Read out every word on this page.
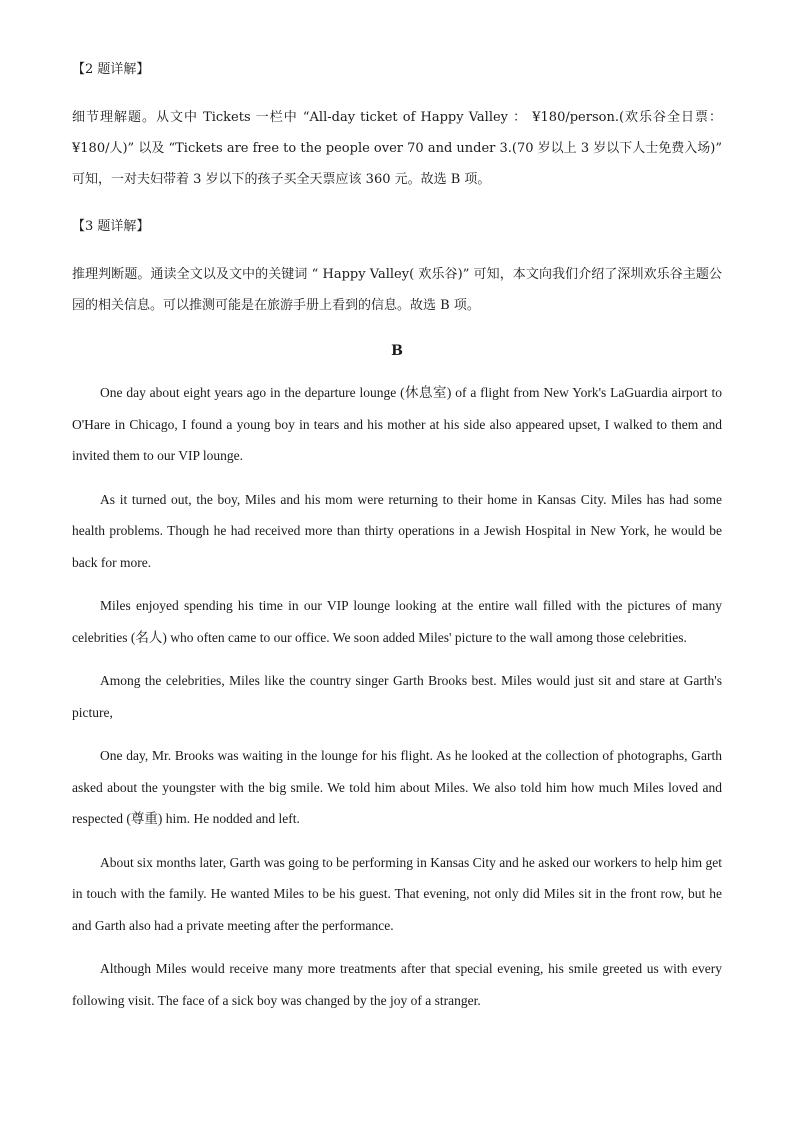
【2 题详解】

细节理解题。从文中 Tickets 一栏中 “All-day ticket of Happy Valley ： ¥180/person.(欢乐谷全日票：¥180/人)” 以及 “Tickets are free to the people over 70 and under 3.(70 岁以上 3 岁以下人士免费入场)” 可知，一对夫妇带着 3 岁以下的孩子买全天票应该 360 元。故选 B 项。

【3 题详解】

推理判断题。通读全文以及文中的关键词 “ Happy Valley( 欢乐谷)” 可知，本文向我们介绍了深圳欢乐谷主题公园的相关信息。可以推测可能是在旅游手册上看到的信息。故选 B 项。

B

One day about eight years ago in the departure lounge (休息室) of a flight from New York's LaGuardia airport to O'Hare in Chicago, I found a young boy in tears and his mother at his side also appeared upset, I walked to them and invited them to our VIP lounge.

As it turned out, the boy, Miles and his mom were returning to their home in Kansas City. Miles has had some health problems. Though he had received more than thirty operations in a Jewish Hospital in New York, he would be back for more.

Miles enjoyed spending his time in our VIP lounge looking at the entire wall filled with the pictures of many celebrities (名人) who often came to our office. We soon added Miles' picture to the wall among those celebrities.

Among the celebrities, Miles like the country singer Garth Brooks best. Miles would just sit and stare at Garth's picture,

One day, Mr. Brooks was waiting in the lounge for his flight. As he looked at the collection of photographs, Garth asked about the youngster with the big smile. We told him about Miles. We also told him how much Miles loved and respected (尊重) him. He nodded and left.

About six months later, Garth was going to be performing in Kansas City and he asked our workers to help him get in touch with the family. He wanted Miles to be his guest. That evening, not only did Miles sit in the front row, but he and Garth also had a private meeting after the performance.

Although Miles would receive many more treatments after that special evening, his smile greeted us with every following visit. The face of a sick boy was changed by the joy of a stranger.
